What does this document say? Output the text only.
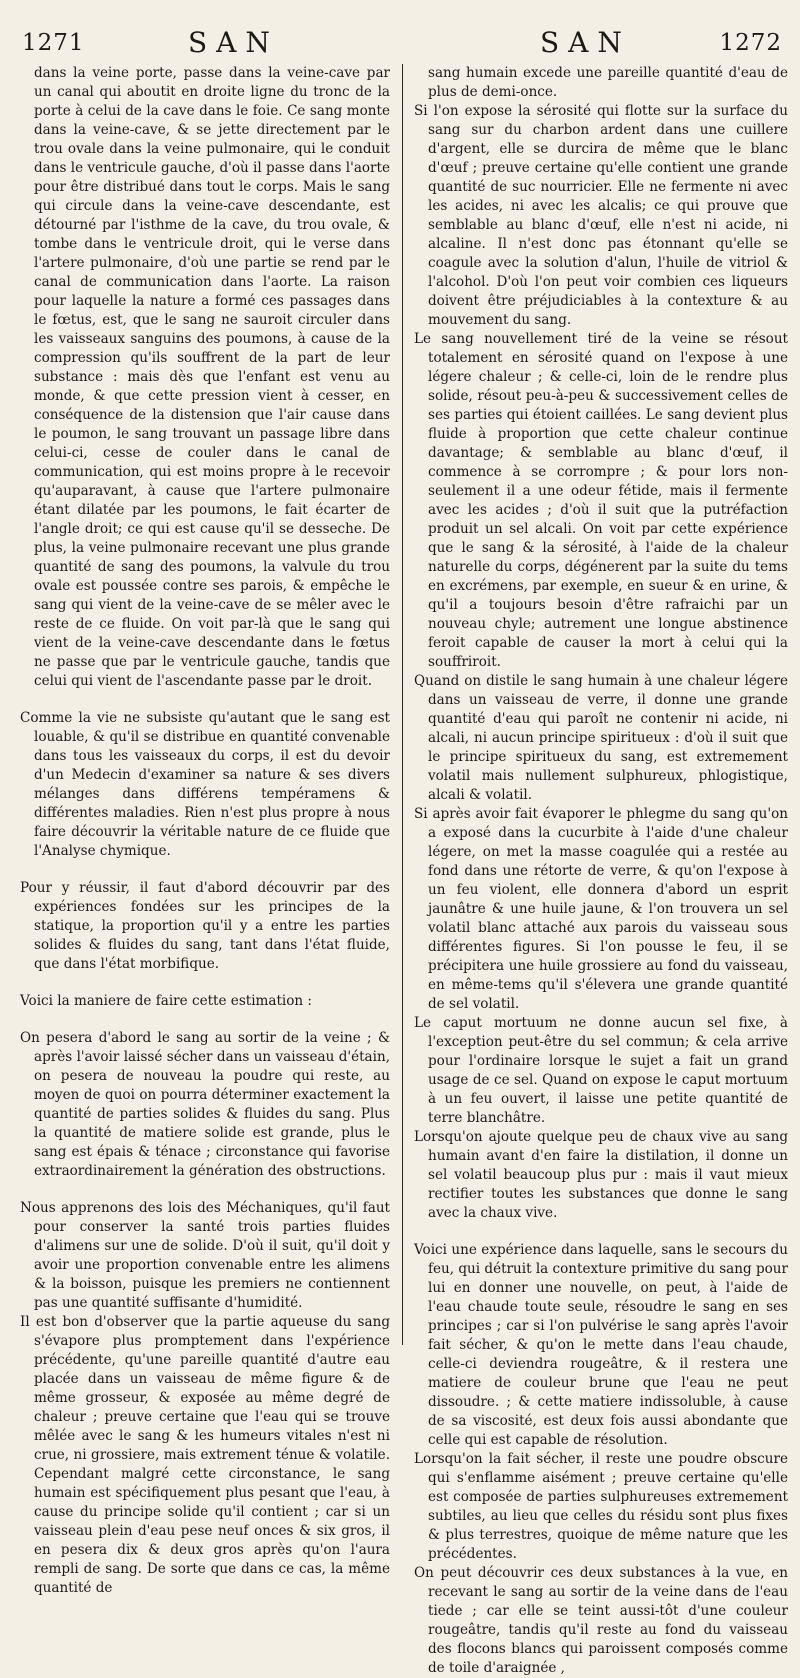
1271	SAN	SAN	1272

dans la veine porte, passe dans la veine-cave par un canal qui aboutit en droite ligne du tronc de la porte à celui de la cave dans le foie. Ce sang monte dans la veine-cave, & se jette directement par le trou ovale dans la veine pulmonaire, qui le conduit dans le ventricule gauche, d'où il passe dans l'aorte pour être distribué dans tout le corps. Mais le sang qui circule dans la veine-cave descendante, est détourné par l'isthme de la cave, du trou ovale, & tombe dans le ventricule droit, qui le verse dans l'artere pulmonaire, d'où une partie se rend par le canal de communication dans l'aorte. La raison pour laquelle la nature a formé ces passages dans le fœtus, est, que le sang ne sauroit circuler dans les vaisseaux sanguins des poumons, à cause de la compression qu'ils souffrent de la part de leur substance : mais dès que l'enfant est venu au monde, & que cette pression vient à cesser, en conséquence de la distension que l'air cause dans le poumon, le sang trouvant un passage libre dans celui-ci, cesse de couler dans le canal de communication, qui est moins propre à le recevoir qu'auparavant, à cause que l'artere pulmonaire étant dilatée par les poumons, le fait écarter de l'angle droit; ce qui est cause qu'il se desseche. De plus, la veine pulmonaire recevant une plus grande quantité de sang des poumons, la valvule du trou ovale est poussée contre ses parois, & empêche le sang qui vient de la veine-cave de se mêler avec le reste de ce fluide. On voit par-là que le sang qui vient de la veine-cave descendante dans le fœtus ne passe que par le ventricule gauche, tandis que celui qui vient de l'ascendante passe par le droit.

Comme la vie ne subsiste qu'autant que le sang est louable, & qu'il se distribue en quantité convenable dans tous les vaisseaux du corps, il est du devoir d'un Medecin d'examiner sa nature & ses divers mélanges dans différens tempéramens & différentes maladies. Rien n'est plus propre à nous faire découvrir la véritable nature de ce fluide que l'Analyse chymique.

Pour y réussir, il faut d'abord découvrir par des expériences fondées sur les principes de la statique, la proportion qu'il y a entre les parties solides & fluides du sang, tant dans l'état fluide, que dans l'état morbifique.

Voici la maniere de faire cette estimation :

On pesera d'abord le sang au sortir de la veine ; & après l'avoir laissé sécher dans un vaisseau d'étain, on pesera de nouveau la poudre qui reste, au moyen de quoi on pourra déterminer exactement la quantité de parties solides & fluides du sang. Plus la quantité de matiere solide est grande, plus le sang est épais & ténace ; circonstance qui favorise extraordinairement la génération des obstructions.

Nous apprenons des lois des Méchaniques, qu'il faut pour conserver la santé trois parties fluides d'alimens sur une de solide. D'où il suit, qu'il doit y avoir une proportion convenable entre les alimens & la boisson, puisque les premiers ne contiennent pas une quantité suffisante d'humidité.

Il est bon d'observer que la partie aqueuse du sang s'évapore plus promptement dans l'expérience précédente, qu'une pareille quantité d'autre eau placée dans un vaisseau de même figure & de même grosseur, & exposée au même degré de chaleur ; preuve certaine que l'eau qui se trouve mêlée avec le sang & les humeurs vitales n'est ni crue, ni grossiere, mais extrement ténue & volatile. Cependant malgré cette circonstance, le sang humain est spécifiquement plus pesant que l'eau, à cause du principe solide qu'il contient ; car si un vaisseau plein d'eau pese neuf onces & six gros, il en pesera dix & deux gros après qu'on l'aura rempli de sang. De sorte que dans ce cas, la même quantité de

sang humain excede une pareille quantité d'eau de plus de demi-once.

Si l'on expose la sérosité qui flotte sur la surface du sang sur du charbon ardent dans une cuillere d'argent, elle se durcira de même que le blanc d'œuf ; preuve certaine qu'elle contient une grande quantité de suc nourricier. Elle ne fermente ni avec les acides, ni avec les alcalis; ce qui prouve que semblable au blanc d'œuf, elle n'est ni acide, ni alcaline. Il n'est donc pas étonnant qu'elle se coagule avec la solution d'alun, l'huile de vitriol & l'alcohol. D'où l'on peut voir combien ces liqueurs doivent être préjudiciables à la contexture & au mouvement du sang.

Le sang nouvellement tiré de la veine se résout totalement en sérosité quand on l'expose à une légere chaleur ; & celle-ci, loin de le rendre plus solide, résout peu-à-peu & successivement celles de ses parties qui étoient caillées. Le sang devient plus fluide à proportion que cette chaleur continue davantage; & semblable au blanc d'œuf, il commence à se corrompre ; & pour lors non-seulement il a une odeur fétide, mais il fermente avec les acides ; d'où il suit que la putréfaction produit un sel alcali. On voit par cette expérience que le sang & la sérosité, à l'aide de la chaleur naturelle du corps, dégénerent par la suite du tems en excrémens, par exemple, en sueur & en urine, & qu'il a toujours besoin d'être rafraichi par un nouveau chyle; autrement une longue abstinence feroit capable de causer la mort à celui qui la souffriroit.

Quand on distile le sang humain à une chaleur légere dans un vaisseau de verre, il donne une grande quantité d'eau qui paroît ne contenir ni acide, ni alcali, ni aucun principe spiritueux : d'où il suit que le principe spiritueux du sang, est extremement volatil mais nullement sulphureux, phlogistique, alcali & volatil.

Si après avoir fait évaporer le phlegme du sang qu'on a exposé dans la cucurbite à l'aide d'une chaleur légere, on met la masse coagulée qui a restée au fond dans une rétorte de verre, & qu'on l'expose à un feu violent, elle donnera d'abord un esprit jaunâtre & une huile jaune, & l'on trouvera un sel volatil blanc attaché aux parois du vaisseau sous différentes figures. Si l'on pousse le feu, il se précipitera une huile grossiere au fond du vaisseau, en même-tems qu'il s'élevera une grande quantité de sel volatil.

Le caput mortuum ne donne aucun sel fixe, à l'exception peut-être du sel commun; & cela arrive pour l'ordinaire lorsque le sujet a fait un grand usage de ce sel. Quand on expose le caput mortuum à un feu ouvert, il laisse une petite quantité de terre blanchâtre.

Lorsqu'on ajoute quelque peu de chaux vive au sang humain avant d'en faire la distilation, il donne un sel volatil beaucoup plus pur : mais il vaut mieux rectifier toutes les substances que donne le sang avec la chaux vive.

Voici une expérience dans laquelle, sans le secours du feu, qui détruit la contexture primitive du sang pour lui en donner une nouvelle, on peut, à l'aide de l'eau chaude toute seule, résoudre le sang en ses principes ; car si l'on pulvérise le sang après l'avoir fait sécher, & qu'on le mette dans l'eau chaude, celle-ci deviendra rougeâtre, & il restera une matiere de couleur brune que l'eau ne peut dissoudre. ; & cette matiere indissoluble, à cause de sa viscosité, est deux fois aussi abondante que celle qui est capable de résolution.

Lorsqu'on la fait sécher, il reste une poudre obscure qui s'enflamme aisément ; preuve certaine qu'elle est composée de parties sulphureuses extremement subtiles, au lieu que celles du résidu sont plus fixes & plus terrestres, quoique de même nature que les précédentes.

On peut découvrir ces deux substances à la vue, en recevant le sang au sortir de la veine dans de l'eau tiede ; car elle se teint aussi-tôt d'une couleur rougeâtre, tandis qu'il reste au fond du vaisseau des flocons blancs qui paroissent composés comme de toile d'araignée ,
